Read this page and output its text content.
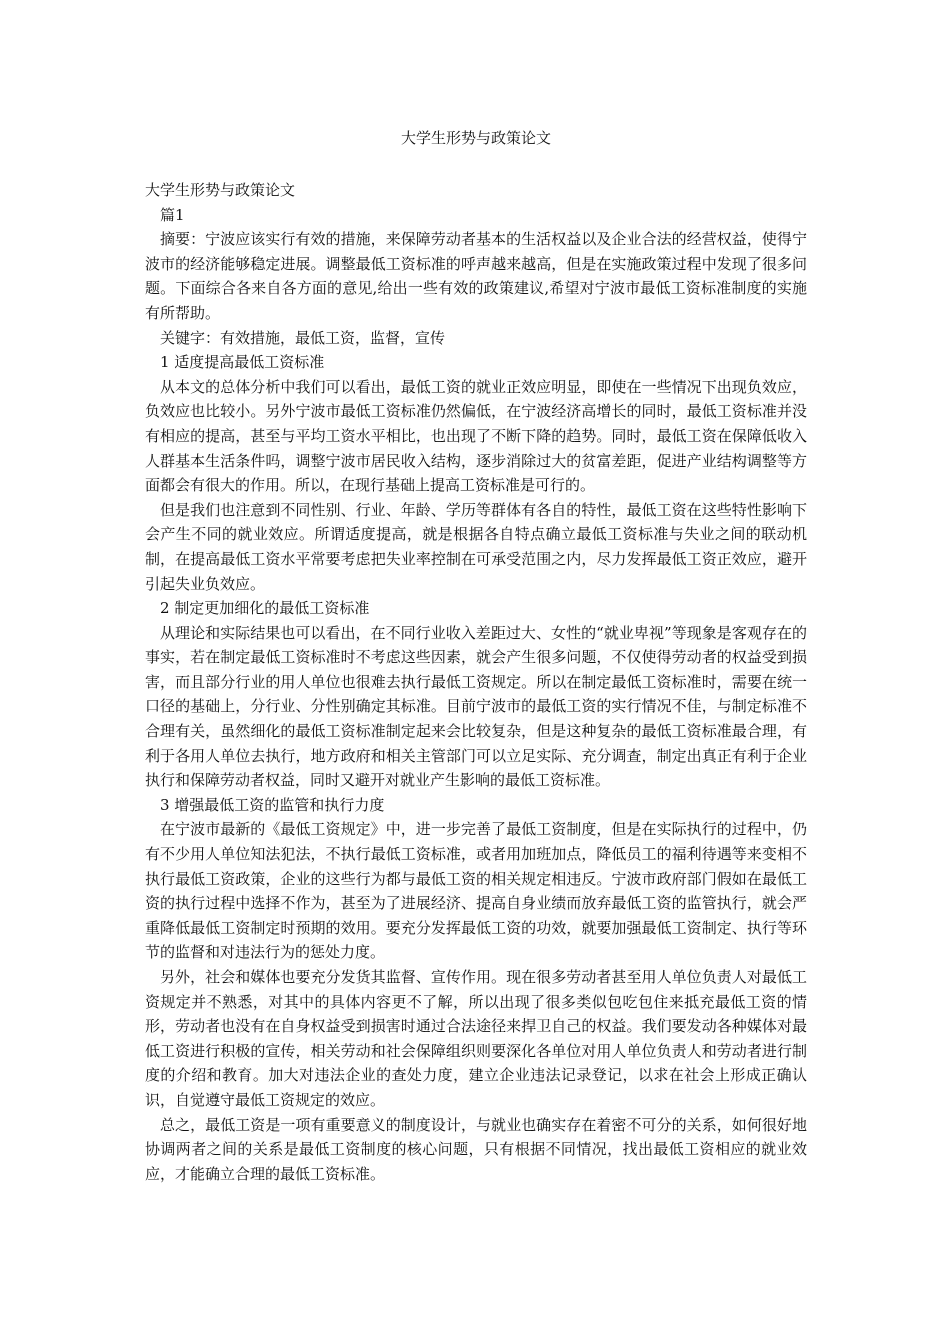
大学生形势与政策论文

大学生形势与政策论文

篇1

摘要：宁波应该实行有效的措施，来保障劳动者基本的生活权益以及企业合法的经营权益，使得宁波市的经济能够稳定进展。调整最低工资标准的呼声越来越高，但是在实施政策过程中发现了很多问题。下面综合各来自各方面的意见,给出一些有效的政策建议,希望对宁波市最低工资标准制度的实施有所帮助。

关键字：有效措施，最低工资，监督，宣传

1 适度提高最低工资标准

从本文的总体分析中我们可以看出，最低工资的就业正效应明显，即使在一些情况下出现负效应，负效应也比较小。另外宁波市最低工资标准仍然偏低，在宁波经济高增长的同时，最低工资标准并没有相应的提高，甚至与平均工资水平相比，也出现了不断下降的趋势。同时，最低工资在保障低收入人群基本生活条件吗，调整宁波市居民收入结构，逐步消除过大的贫富差距，促进产业结构调整等方面都会有很大的作用。所以，在现行基础上提高工资标准是可行的。

但是我们也注意到不同性别、行业、年龄、学历等群体有各自的特性，最低工资在这些特性影响下会产生不同的就业效应。所谓适度提高，就是根据各自特点确立最低工资标准与失业之间的联动机制，在提高最低工资水平常要考虑把失业率控制在可承受范围之内，尽力发挥最低工资正效应，避开引起失业负效应。

2 制定更加细化的最低工资标准

从理论和实际结果也可以看出，在不同行业收入差距过大、女性的“就业卑视”等现象是客观存在的事实，若在制定最低工资标准时不考虑这些因素，就会产生很多问题，不仅使得劳动者的权益受到损害，而且部分行业的用人单位也很难去执行最低工资规定。所以在制定最低工资标准时，需要在统一口径的基础上，分行业、分性别确定其标准。目前宁波市的最低工资的实行情况不佳，与制定标准不合理有关，虽然细化的最低工资标准制定起来会比较复杂，但是这种复杂的最低工资标准最合理，有利于各用人单位去执行，地方政府和相关主管部门可以立足实际、充分调查，制定出真正有利于企业执行和保障劳动者权益，同时又避开对就业产生影响的最低工资标准。

3 增强最低工资的监管和执行力度

在宁波市最新的《最低工资规定》中，进一步完善了最低工资制度，但是在实际执行的过程中，仍有不少用人单位知法犯法，不执行最低工资标准，或者用加班加点，降低员工的福利待遇等来变相不执行最低工资政策，企业的这些行为都与最低工资的相关规定相违反。宁波市政府部门假如在最低工资的执行过程中选择不作为，甚至为了进展经济、提高自身业绩而放弃最低工资的监管执行，就会严重降低最低工资制定时预期的效用。要充分发挥最低工资的功效，就要加强最低工资制定、执行等环节的监督和对违法行为的惩处力度。

另外，社会和媒体也要充分发货其监督、宣传作用。现在很多劳动者甚至用人单位负责人对最低工资规定并不熟悉，对其中的具体内容更不了解，所以出现了很多类似包吃包住来抵充最低工资的情形，劳动者也没有在自身权益受到损害时通过合法途径来捍卫自己的权益。我们要发动各种媒体对最低工资进行积极的宣传，相关劳动和社会保障组织则要深化各单位对用人单位负责人和劳动者进行制度的介绍和教育。加大对违法企业的查处力度，建立企业违法记录登记，以求在社会上形成正确认识，自觉遵守最低工资规定的效应。

总之，最低工资是一项有重要意义的制度设计，与就业也确实存在着密不可分的关系，如何很好地协调两者之间的关系是最低工资制度的核心问题，只有根据不同情况，找出最低工资相应的就业效应，才能确立合理的最低工资标准。
